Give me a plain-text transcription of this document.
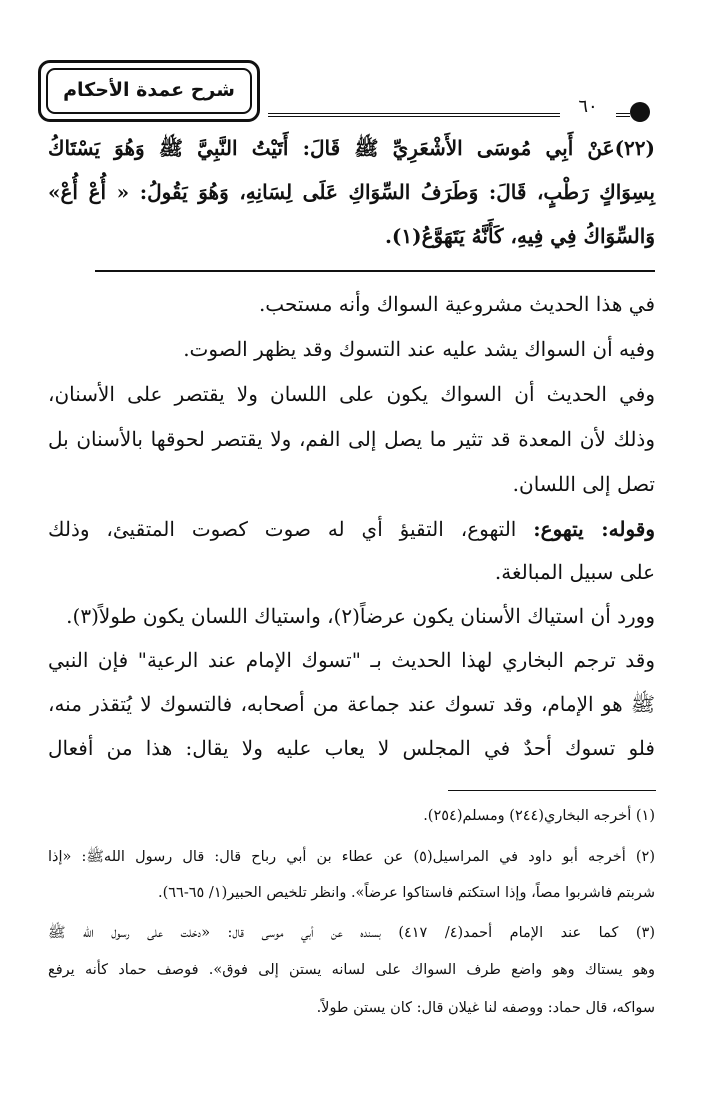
شرح عمدة الأحكام
٦٠
(٢٢)عَنْ أَبِي مُوسَى الأَشْعَرِيِّ ﷺ قَالَ: أَتَيْتُ النَّبِيَّ ﷺ وَهُوَ يَسْتَاكُ
بِسِوَاكٍ رَطْبٍ، قَالَ: وَطَرَفُ السِّوَاكِ عَلَى لِسَانِهِ، وَهُوَ يَقُولُ: « أُعْ أُعْ»
وَالسِّوَاكُ فِي فِيهِ، كَأَنَّهُ يَتَهَوَّعُ(١).
في هذا الحديث مشروعية السواك وأنه مستحب.
وفيه أن السواك يشد عليه عند التسوك وقد يظهر الصوت.
وفي الحديث أن السواك يكون على اللسان ولا يقتصر على الأسنان،
وذلك لأن المعدة قد تثير ما يصل إلى الفم، ولا يقتصر لحوقها بالأسنان بل
تصل إلى اللسان.
وقوله: يتهوع: التهوع، التقيؤ أي له صوت كصوت المتقيئ، وذلك
على سبيل المبالغة.
وورد أن استياك الأسنان يكون عرضاً(٢)، واستياك اللسان يكون طولاً(٣).
وقد ترجم البخاري لهذا الحديث بـ "تسوك الإمام عند الرعية" فإن النبي
ﷺ هو الإمام، وقد تسوك عند جماعة من أصحابه، فالتسوك لا يُتقذر منه،
فلو تسوك أحدٌ في المجلس لا يعاب عليه ولا يقال: هذا من أفعال
(١) أخرجه البخاري(٢٤٤) ومسلم(٢٥٤).
(٢) أخرجه أبو داود في المراسيل(٥) عن عطاء بن أبي رباح قال: قال رسول اللهﷺ: «إذا
شربتم فاشربوا مصاً، وإذا استكتم فاستاكوا عرضاً». وانظر تلخيص الحبير(١/ ٦٥-٦٦).
(٣) كما عند الإمام أحمد(٤/ ٤١٧) بسنده عن أبي موسى قال: «دخلت على رسول الله ﷺ
وهو يستاك وهو واضع طرف السواك على لسانه يستن إلى فوق». فوصف حماد كأنه يرفع
سواكه، قال حماد: ووصفه لنا غيلان قال: كان يستن طولاً.
